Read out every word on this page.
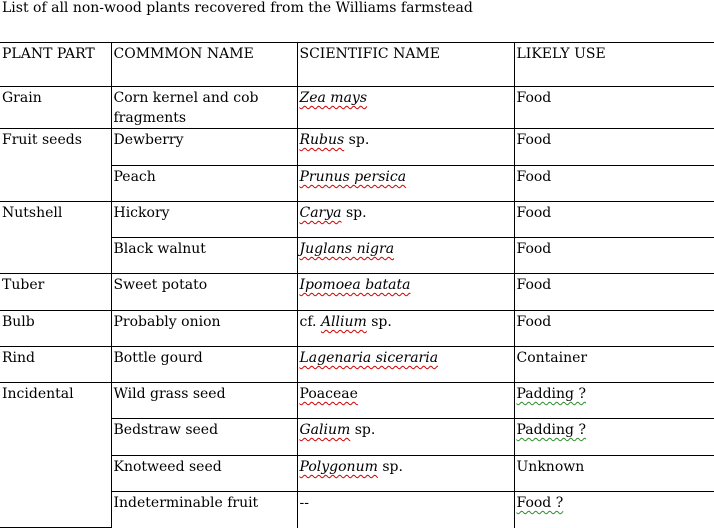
List of all non-wood plants recovered from the Williams farmstead
PLANT PART	COMMMON NAME	SCIENTIFIC NAME	LIKELY USE
Grain	Corn kernel and cob fragments	Zea mays	Food
Fruit seeds	Dewberry	Rubus sp.	Food
	Peach	Prunus persica	Food
Nutshell	Hickory	Carya sp.	Food
	Black walnut	Juglans nigra	Food
Tuber	Sweet potato	Ipomoea batata	Food
Bulb	Probably onion	cf. Allium sp.	Food
Rind	Bottle gourd	Lagenaria siceraria	Container
Incidental	Wild grass seed	Poaceae	Padding ?
	Bedstraw seed	Galium sp.	Padding ?
	Knotweed seed	Polygonum sp.	Unknown
	Indeterminable fruit	--	Food ?
